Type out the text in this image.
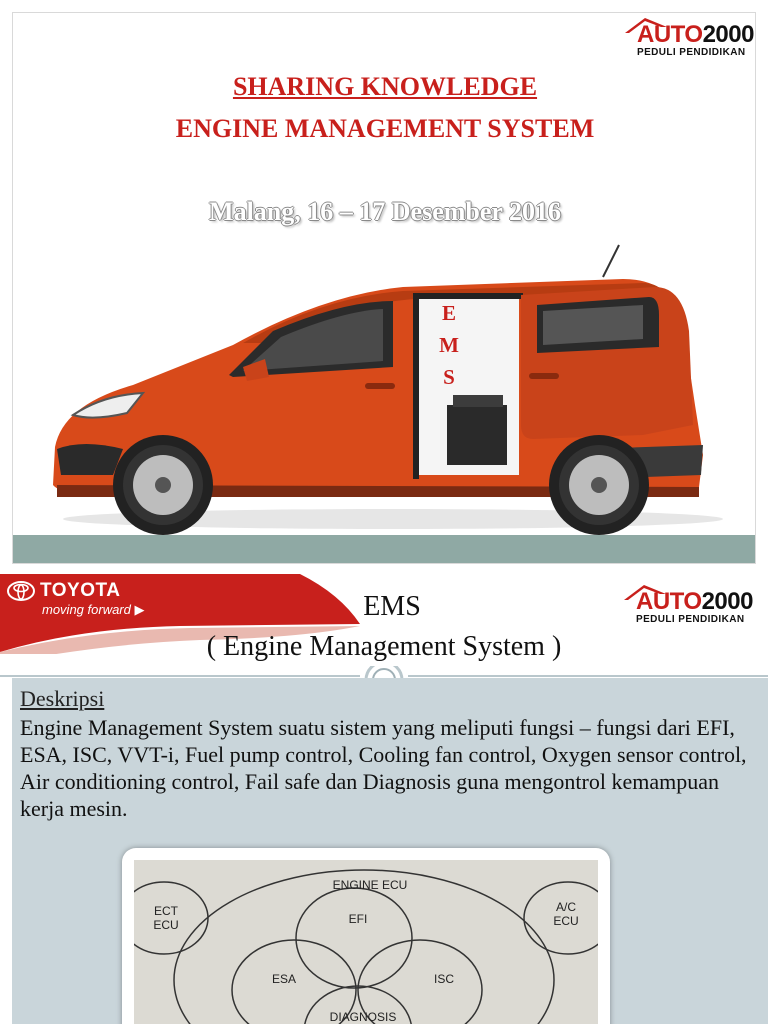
AUTO2000
PEDULI PENDIDIKAN
SHARING KNOWLEDGE
ENGINE MANAGEMENT SYSTEM
Malang, 16 – 17 Desember 2016
E
M
S
TOYOTA
moving forward ▶	AUTO2000
PEDULI PENDIDIKAN
EMS
( Engine Management System )
Deskripsi
Engine Management System suatu sistem yang meliputi fungsi – fungsi dari EFI, ESA, ISC, VVT-i, Fuel pump control, Cooling fan control, Oxygen sensor control, Air conditioning control, Fail safe dan Diagnosis guna mengontrol kemampuan kerja mesin.
ENGINE ECU
ECT
ECU
A/C
ECU
EFI
ESA	ISC
DIAGNOSIS
